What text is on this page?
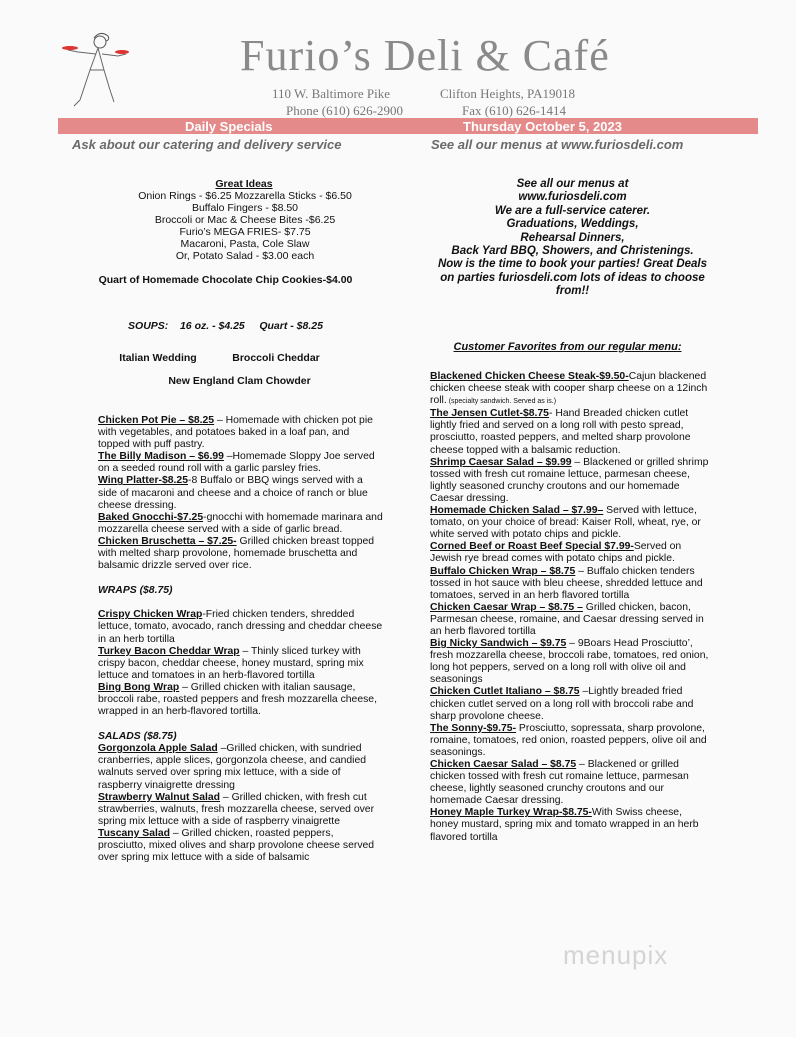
Furio’s Deli & Café
110 W. Baltimore Pike	Clifton Heights, PA19018
Phone (610) 626-2900	Fax (610) 626-1414
Daily Specials	Thursday October 5, 2023
Ask about our catering and delivery service	See all our menus at www.furiosdeli.com
Great Ideas
Onion Rings - $6.25 Mozzarella Sticks - $6.50
Buffalo Fingers - $8.50
Broccoli or Mac & Cheese Bites -$6.25
Furio’s MEGA FRIES- $7.75
Macaroni, Pasta, Cole Slaw
Or, Potato Salad - $3.00 each
Quart of Homemade Chocolate Chip Cookies-$4.00
SOUPS:    16 oz. - $4.25     Quart - $8.25
Italian Wedding	Broccoli Cheddar
New England Clam Chowder
See all our menus at
www.furiosdeli.com
We are a full-service caterer.
Graduations, Weddings,
Rehearsal Dinners,
Back Yard BBQ, Showers, and Christenings.
Now is the time to book your parties! Great Deals
on parties furiosdeli.com lots of ideas to choose
from!!
Chicken Pot Pie – $8.25 – Homemade with chicken pot pie with vegetables, and potatoes baked in a loaf pan, and topped with puff pastry.
The Billy Madison – $6.99 –Homemade Sloppy Joe served on a seeded round roll with a garlic parsley fries.
Wing Platter-$8.25-8 Buffalo or BBQ wings served with a side of macaroni and cheese and a choice of ranch or blue cheese dressing.
Baked Gnocchi-$7.25-gnocchi with homemade marinara and mozzarella cheese served with a side of garlic bread.
Chicken Bruschetta – $7.25- Grilled chicken breast topped with melted sharp provolone, homemade bruschetta and balsamic drizzle served over rice.
WRAPS ($8.75)
Crispy Chicken Wrap-Fried chicken tenders, shredded lettuce, tomato, avocado, ranch dressing and cheddar cheese in an herb tortilla
Turkey Bacon Cheddar Wrap – Thinly sliced turkey with crispy bacon, cheddar cheese, honey mustard, spring mix lettuce and tomatoes in an herb-flavored tortilla
Bing Bong Wrap – Grilled chicken with italian sausage, broccoli rabe, roasted peppers and fresh mozzarella cheese, wrapped in an herb-flavored tortilla.
SALADS ($8.75)
Gorgonzola Apple Salad –Grilled chicken, with sundried cranberries, apple slices, gorgonzola cheese, and candied walnuts served over spring mix lettuce, with a side of raspberry vinaigrette dressing
Strawberry Walnut Salad – Grilled chicken, with fresh cut strawberries, walnuts, fresh mozzarella cheese, served over spring mix lettuce with a side of raspberry vinaigrette
Tuscany Salad – Grilled chicken, roasted peppers, prosciutto, mixed olives and sharp provolone cheese served over spring mix lettuce with a side of balsamic
Customer Favorites from our regular menu:
Blackened Chicken Cheese Steak-$9.50-Cajun blackened chicken cheese steak with cooper sharp cheese on a 12inch roll. (specialty sandwich. Served as is.)
The Jensen Cutlet-$8.75- Hand Breaded chicken cutlet lightly fried and served on a long roll with pesto spread, prosciutto, roasted peppers, and melted sharp provolone cheese topped with a balsamic reduction.
Shrimp Caesar Salad – $9.99 – Blackened or grilled shrimp tossed with fresh cut romaine lettuce, parmesan cheese, lightly seasoned crunchy croutons and our homemade Caesar dressing.
Homemade Chicken Salad – $7.99– Served with lettuce, tomato, on your choice of bread: Kaiser Roll, wheat, rye, or white served with potato chips and pickle.
Corned Beef or Roast Beef Special $7.99-Served on Jewish rye bread comes with potato chips and pickle.
Buffalo Chicken Wrap – $8.75 – Buffalo chicken tenders tossed in hot sauce with bleu cheese, shredded lettuce and tomatoes, served in an herb flavored tortilla
Chicken Caesar Wrap – $8.75 – Grilled chicken, bacon, Parmesan cheese, romaine, and Caesar dressing served in an herb flavored tortilla
Big Nicky Sandwich – $9.75 – 9Boars Head Prosciutto’, fresh mozzarella cheese, broccoli rabe, tomatoes, red onion, long hot peppers, served on a long roll with olive oil and seasonings
Chicken Cutlet Italiano – $8.75 –Lightly breaded fried chicken cutlet served on a long roll with broccoli rabe and sharp provolone cheese.
The Sonny-$9.75- Prosciutto, sopressata, sharp provolone, romaine, tomatoes, red onion, roasted peppers, olive oil and seasonings.
Chicken Caesar Salad – $8.75 – Blackened or grilled chicken tossed with fresh cut romaine lettuce, parmesan cheese, lightly seasoned crunchy croutons and our homemade Caesar dressing.
Honey Maple Turkey Wrap-$8.75-With Swiss cheese, honey mustard, spring mix and tomato wrapped in an herb flavored tortilla
menupix
